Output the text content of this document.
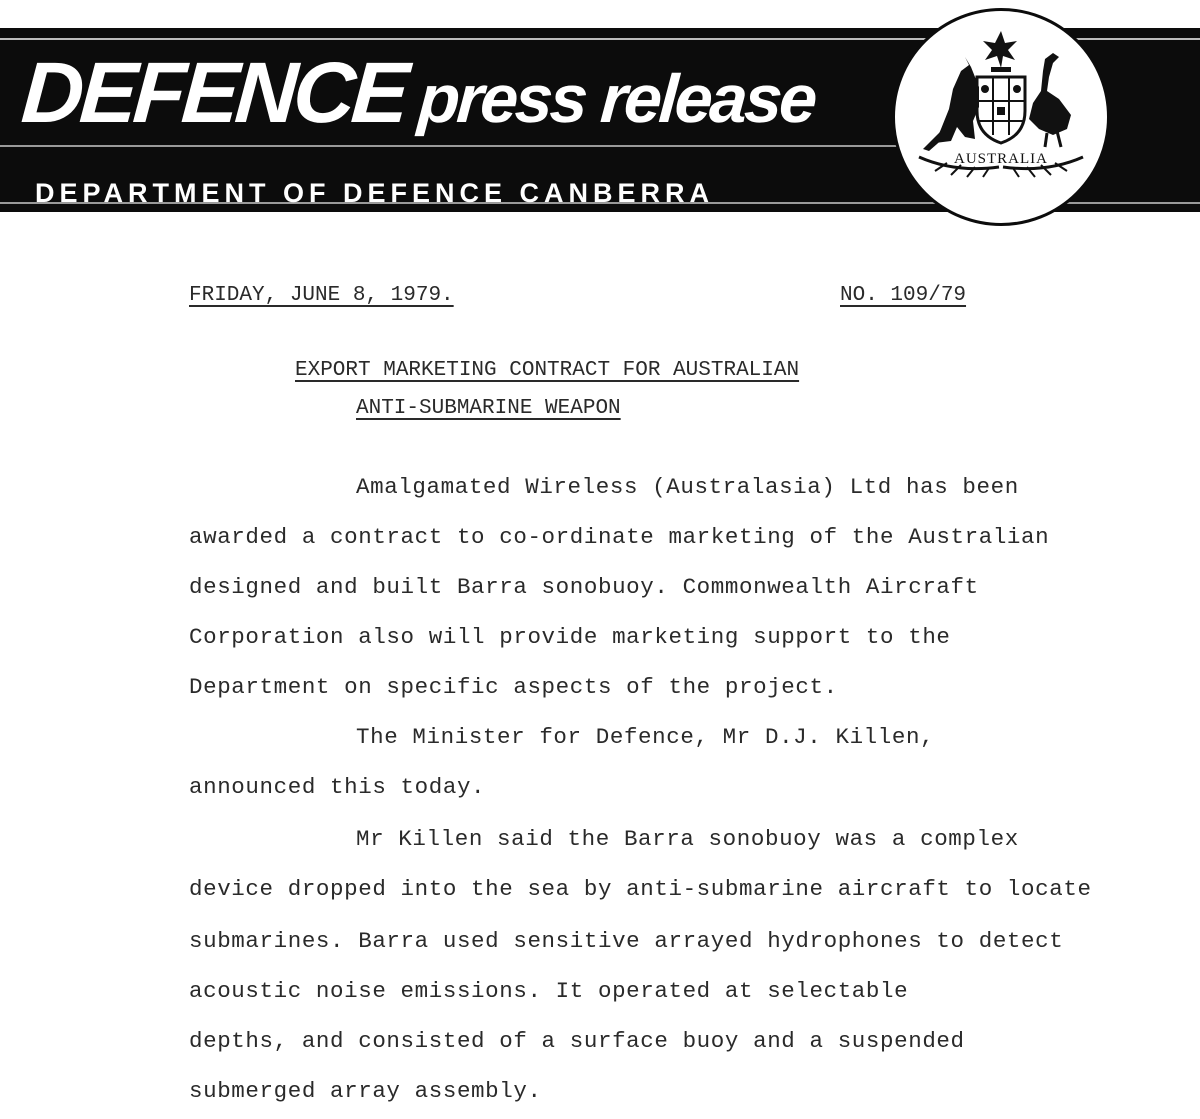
DEFENCE press release
DEPARTMENT OF DEFENCE CANBERRA
AUSTRALIA
FRIDAY, JUNE 8, 1979.	NO. 109/79
EXPORT MARKETING CONTRACT FOR AUSTRALIAN
ANTI-SUBMARINE WEAPON
Amalgamated Wireless (Australasia) Ltd has been
awarded a contract to co-ordinate marketing of the Australian
designed and built Barra sonobuoy. Commonwealth Aircraft
Corporation also will provide marketing support to the
Department on specific aspects of the project.
The Minister for Defence, Mr D.J. Killen,
announced this today.
Mr Killen said the Barra sonobuoy was a complex
device dropped into the sea by anti-submarine aircraft to locate
submarines. Barra used sensitive arrayed hydrophones to detect
acoustic noise emissions. It operated at selectable
depths, and consisted of a surface buoy and a suspended
submerged array assembly.
